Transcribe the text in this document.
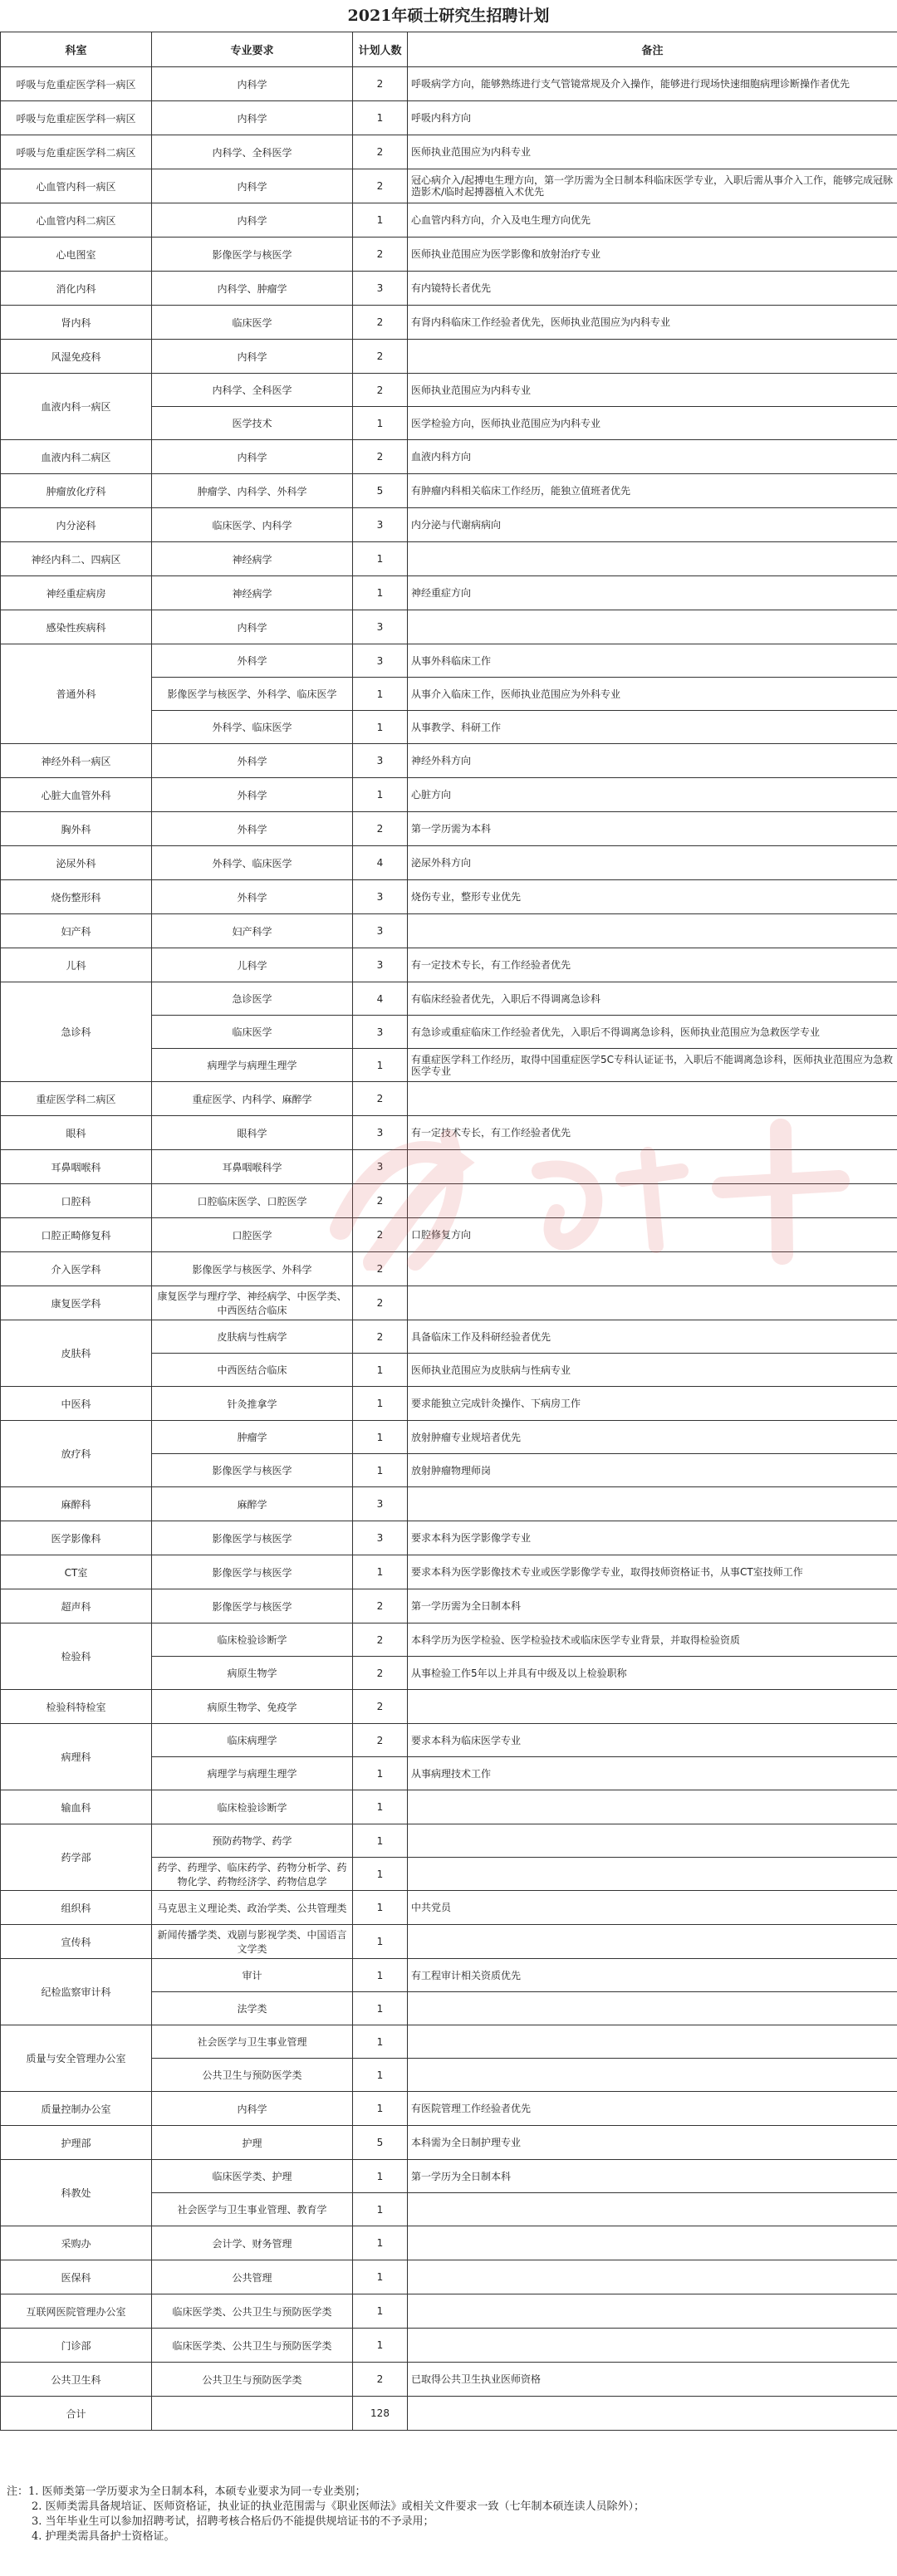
2021年硕士研究生招聘计划
科室	专业要求	计划人数	备注
呼吸与危重症医学科一病区	内科学	2	呼吸病学方向，能够熟练进行支气管镜常规及介入操作，能够进行现场快速细胞病理诊断操作者优先
呼吸与危重症医学科一病区	内科学	1	呼吸内科方向
呼吸与危重症医学科二病区	内科学、全科医学	2	医师执业范围应为内科专业
心血管内科一病区	内科学	2	冠心病介入/起搏电生理方向，第一学历需为全日制本科临床医学专业，入职后需从事介入工作，能够完成冠脉造影术/临时起搏器植入术优先
心血管内科二病区	内科学	1	心血管内科方向，介入及电生理方向优先
心电图室	影像医学与核医学	2	医师执业范围应为医学影像和放射治疗专业
消化内科	内科学、肿瘤学	3	有内镜特长者优先
肾内科	临床医学	2	有肾内科临床工作经验者优先，医师执业范围应为内科专业
风湿免疫科	内科学	2	
血液内科一病区	内科学、全科医学	2	医师执业范围应为内科专业
	医学技术	1	医学检验方向，医师执业范围应为内科专业
血液内科二病区	内科学	2	血液内科方向
肿瘤放化疗科	肿瘤学、内科学、外科学	5	有肿瘤内科相关临床工作经历，能独立值班者优先
内分泌科	临床医学、内科学	3	内分泌与代谢病病向
神经内科二、四病区	神经病学	1	
神经重症病房	神经病学	1	神经重症方向
感染性疾病科	内科学	3	
普通外科	外科学	3	从事外科临床工作
	影像医学与核医学、外科学、临床医学	1	从事介入临床工作，医师执业范围应为外科专业
	外科学、临床医学	1	从事教学、科研工作
神经外科一病区	外科学	3	神经外科方向
心脏大血管外科	外科学	1	心脏方向
胸外科	外科学	2	第一学历需为本科
泌尿外科	外科学、临床医学	4	泌尿外科方向
烧伤整形科	外科学	3	烧伤专业，整形专业优先
妇产科	妇产科学	3	
儿科	儿科学	3	有一定技术专长，有工作经验者优先
急诊科	急诊医学	4	有临床经验者优先，入职后不得调离急诊科
	临床医学	3	有急诊或重症临床工作经验者优先，入职后不得调离急诊科，医师执业范围应为急救医学专业
	病理学与病理生理学	1	有重症医学科工作经历，取得中国重症医学5C专科认证证书，入职后不能调离急诊科，医师执业范围应为急救医学专业
重症医学科二病区	重症医学、内科学、麻醉学	2	
眼科	眼科学	3	有一定技术专长，有工作经验者优先
耳鼻咽喉科	耳鼻咽喉科学	3	
口腔科	口腔临床医学、口腔医学	2	
口腔正畸修复科	口腔医学	2	口腔修复方向
介入医学科	影像医学与核医学、外科学	2	
康复医学科	康复医学与理疗学、神经病学、中医学类、中西医结合临床	2	
皮肤科	皮肤病与性病学	2	具备临床工作及科研经验者优先
	中西医结合临床	1	医师执业范围应为皮肤病与性病专业
中医科	针灸推拿学	1	要求能独立完成针灸操作、下病房工作
放疗科	肿瘤学	1	放射肿瘤专业规培者优先
	影像医学与核医学	1	放射肿瘤物理师岗
麻醉科	麻醉学	3	
医学影像科	影像医学与核医学	3	要求本科为医学影像学专业
CT室	影像医学与核医学	1	要求本科为医学影像技术专业或医学影像学专业，取得技师资格证书，从事CT室技师工作
超声科	影像医学与核医学	2	第一学历需为全日制本科
检验科	临床检验诊断学	2	本科学历为医学检验、医学检验技术或临床医学专业背景，并取得检验资质
	病原生物学	2	从事检验工作5年以上并具有中级及以上检验职称
检验科特检室	病原生物学、免疫学	2	
病理科	临床病理学	2	要求本科为临床医学专业
	病理学与病理生理学	1	从事病理技术工作
输血科	临床检验诊断学	1	
药学部	预防药物学、药学	1	
	药学、药理学、临床药学、药物分析学、药物化学、药物经济学、药物信息学	1	
组织科	马克思主义理论类、政治学类、公共管理类	1	中共党员
宣传科	新闻传播学类、戏剧与影视学类、中国语言文学类	1	
纪检监察审计科	审计	1	有工程审计相关资质优先
	法学类	1	
质量与安全管理办公室	社会医学与卫生事业管理	1	
	公共卫生与预防医学类	1	
质量控制办公室	内科学	1	有医院管理工作经验者优先
护理部	护理	5	本科需为全日制护理专业
科教处	临床医学类、护理	1	第一学历为全日制本科
	社会医学与卫生事业管理、教育学	1	
采购办	会计学、财务管理	1	
医保科	公共管理	1	
互联网医院管理办公室	临床医学类、公共卫生与预防医学类	1	
门诊部	临床医学类、公共卫生与预防医学类	1	
公共卫生科	公共卫生与预防医学类	2	已取得公共卫生执业医师资格
合计		128	
注：1. 医师类第一学历要求为全日制本科，本硕专业要求为同一专业类别；
2. 医师类需具备规培证、医师资格证，执业证的执业范围需与《职业医师法》或相关文件要求一致（七年制本硕连读人员除外）；
3. 当年毕业生可以参加招聘考试，招聘考核合格后仍不能提供规培证书的不予录用；
4. 护理类需具备护士资格证。
